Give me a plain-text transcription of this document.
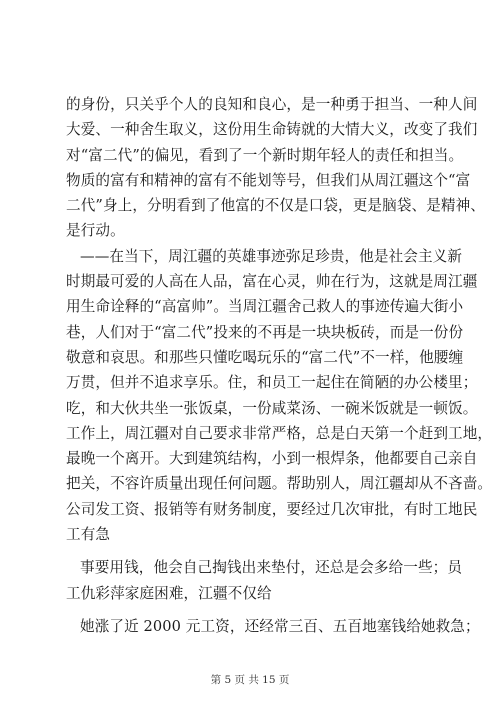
的身份，只关乎个人的良知和良心，是一种勇于担当、一种人间
大爱、一种舍生取义，这份用生命铸就的大情大义，改变了我们
对“富二代”的偏见，看到了一个新时期年轻人的责任和担当。
物质的富有和精神的富有不能划等号，但我们从周江疆这个“富
二代”身上，分明看到了他富的不仅是口袋，更是脑袋、是精神、
是行动。
——在当下，周江疆的英雄事迹弥足珍贵，他是社会主义新
时期最可爱的人高在人品，富在心灵，帅在行为，这就是周江疆
用生命诠释的“高富帅”。当周江疆舍己救人的事迹传遍大街小
巷，人们对于“富二代”投来的不再是一块块板砖，而是一份份
敬意和哀思。和那些只懂吃喝玩乐的“富二代”不一样，他腰缠
万贯，但并不追求享乐。住，和员工一起住在简陋的办公楼里；
吃，和大伙共坐一张饭桌，一份咸菜汤、一碗米饭就是一顿饭。
工作上，周江疆对自己要求非常严格，总是白天第一个赶到工地，
最晚一个离开。大到建筑结构，小到一根焊条，他都要自己亲自
把关，不容许质量出现任何问题。帮助别人，周江疆却从不吝啬。
公司发工资、报销等有财务制度，要经过几次审批，有时工地民
工有急
事要用钱，他会自己掏钱出来垫付，还总是会多给一些；员
工仇彩萍家庭困难，江疆不仅给
她涨了近 2000 元工资，还经常三百、五百地塞钱给她救急；
第 5 页 共 15 页
